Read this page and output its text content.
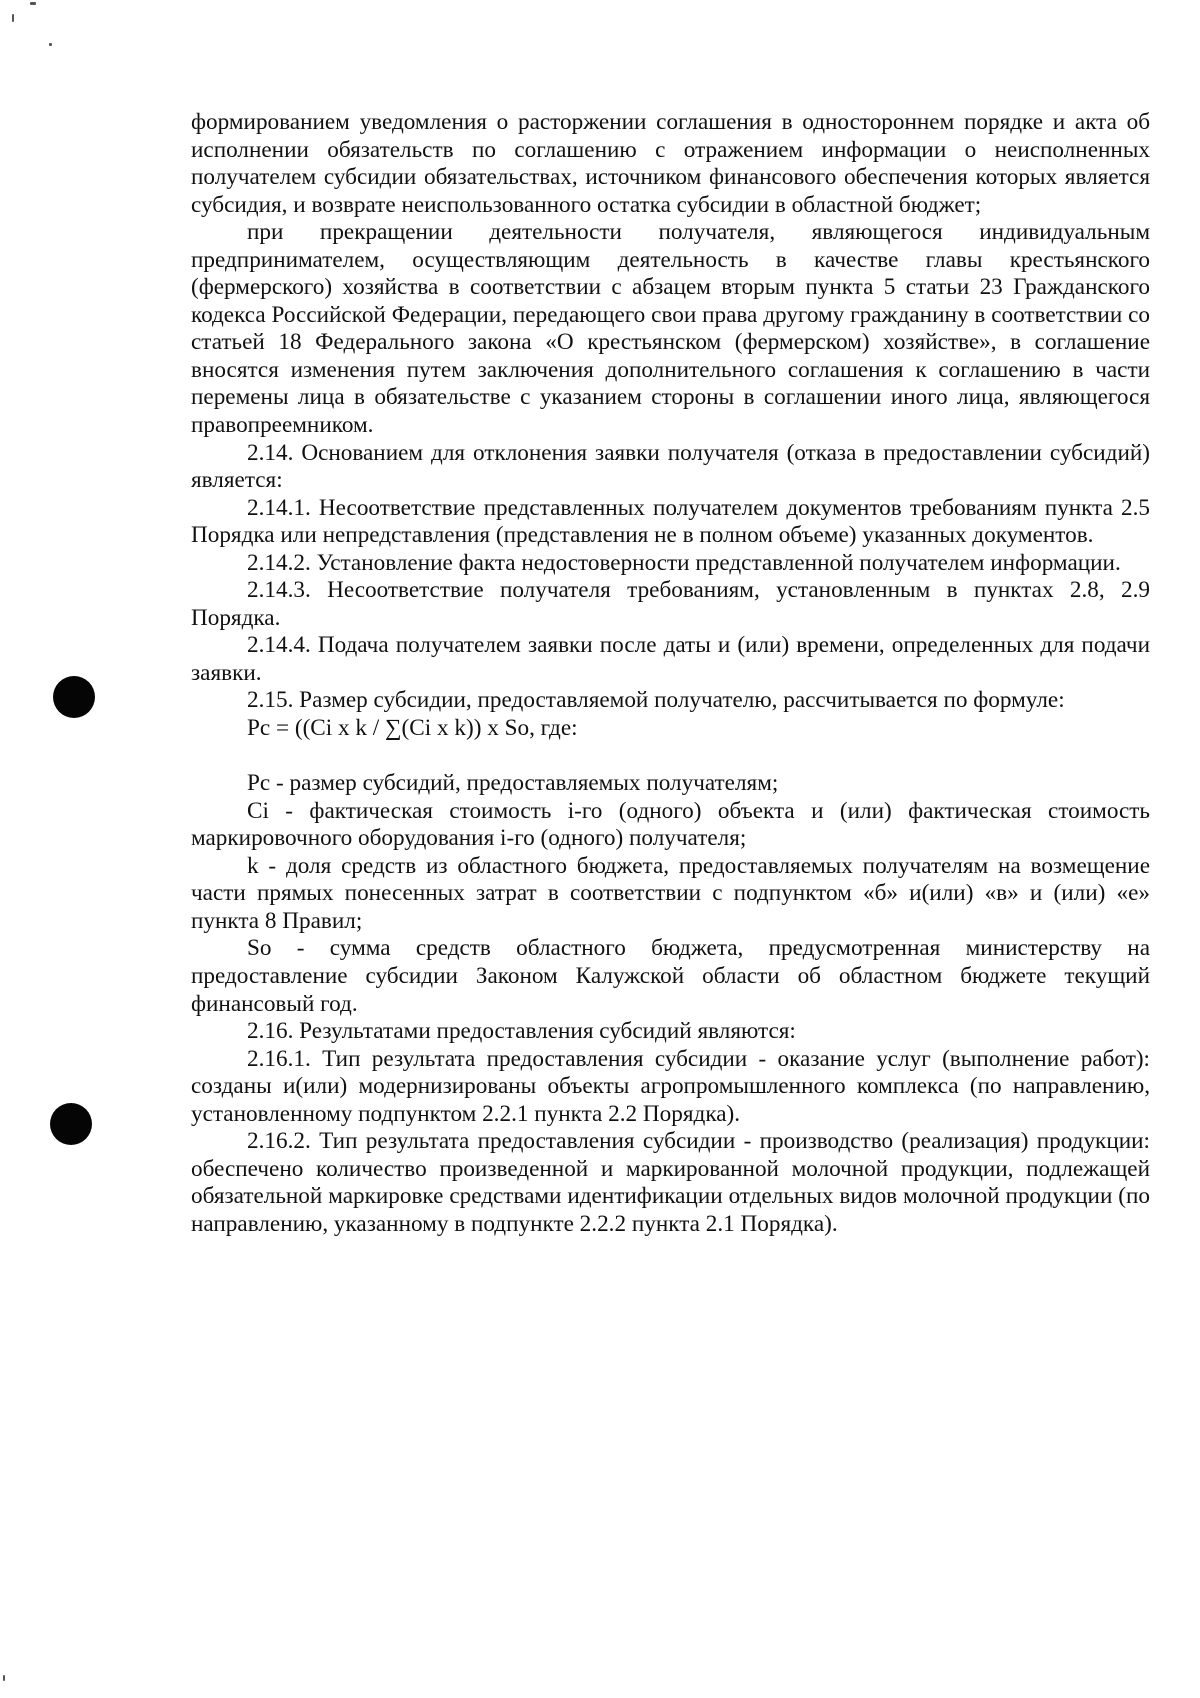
формированием уведомления о расторжении соглашения в одностороннем порядке и акта об исполнении обязательств по соглашению с отражением информации о неисполненных получателем субсидии обязательствах, источником финансового обеспечения которых является субсидия, и возврате неиспользованного остатка субсидии в областной бюджет;

при прекращении деятельности получателя, являющегося индивидуальным предпринимателем, осуществляющим деятельность в качестве главы крестьянского (фермерского) хозяйства в соответствии с абзацем вторым пункта 5 статьи 23 Гражданского кодекса Российской Федерации, передающего свои права другому гражданину в соответствии со статьей 18 Федерального закона «О крестьянском (фермерском) хозяйстве», в соглашение вносятся изменения путем заключения дополнительного соглашения к соглашению в части перемены лица в обязательстве с указанием стороны в соглашении иного лица, являющегося правопреемником.

2.14. Основанием для отклонения заявки получателя (отказа в предоставлении субсидий) является:

2.14.1. Несоответствие представленных получателем документов требованиям пункта 2.5 Порядка или непредставления (представления не в полном объеме) указанных документов.

2.14.2. Установление факта недостоверности представленной получателем информации.

2.14.3. Несоответствие получателя требованиям, установленным в пунктах 2.8, 2.9 Порядка.

2.14.4. Подача получателем заявки после даты и (или) времени, определенных для подачи заявки.

2.15. Размер субсидии, предоставляемой получателю, рассчитывается по формуле:

Рс = ((Ci x k / ∑(Ci x k)) x So, где:

Рс - размер субсидий, предоставляемых получателям;

Ci - фактическая стоимость i-го (одного) объекта и (или) фактическая стоимость маркировочного оборудования i-го (одного) получателя;

k - доля средств из областного бюджета, предоставляемых получателям на возмещение части прямых понесенных затрат в соответствии с подпунктом «б» и(или) «в» и (или) «е» пункта 8 Правил;

So - сумма средств областного бюджета, предусмотренная министерству на предоставление субсидии Законом Калужской области об областном бюджете текущий финансовый год.

2.16. Результатами предоставления субсидий являются:

2.16.1. Тип результата предоставления субсидии - оказание услуг (выполнение работ): созданы и(или) модернизированы объекты агропромышленного комплекса (по направлению, установленному подпунктом 2.2.1 пункта 2.2 Порядка).

2.16.2. Тип результата предоставления субсидии - производство (реализация) продукции: обеспечено количество произведенной и маркированной молочной продукции, подлежащей обязательной маркировке средствами идентификации отдельных видов молочной продукции (по направлению, указанному в подпункте 2.2.2 пункта 2.1 Порядка).
